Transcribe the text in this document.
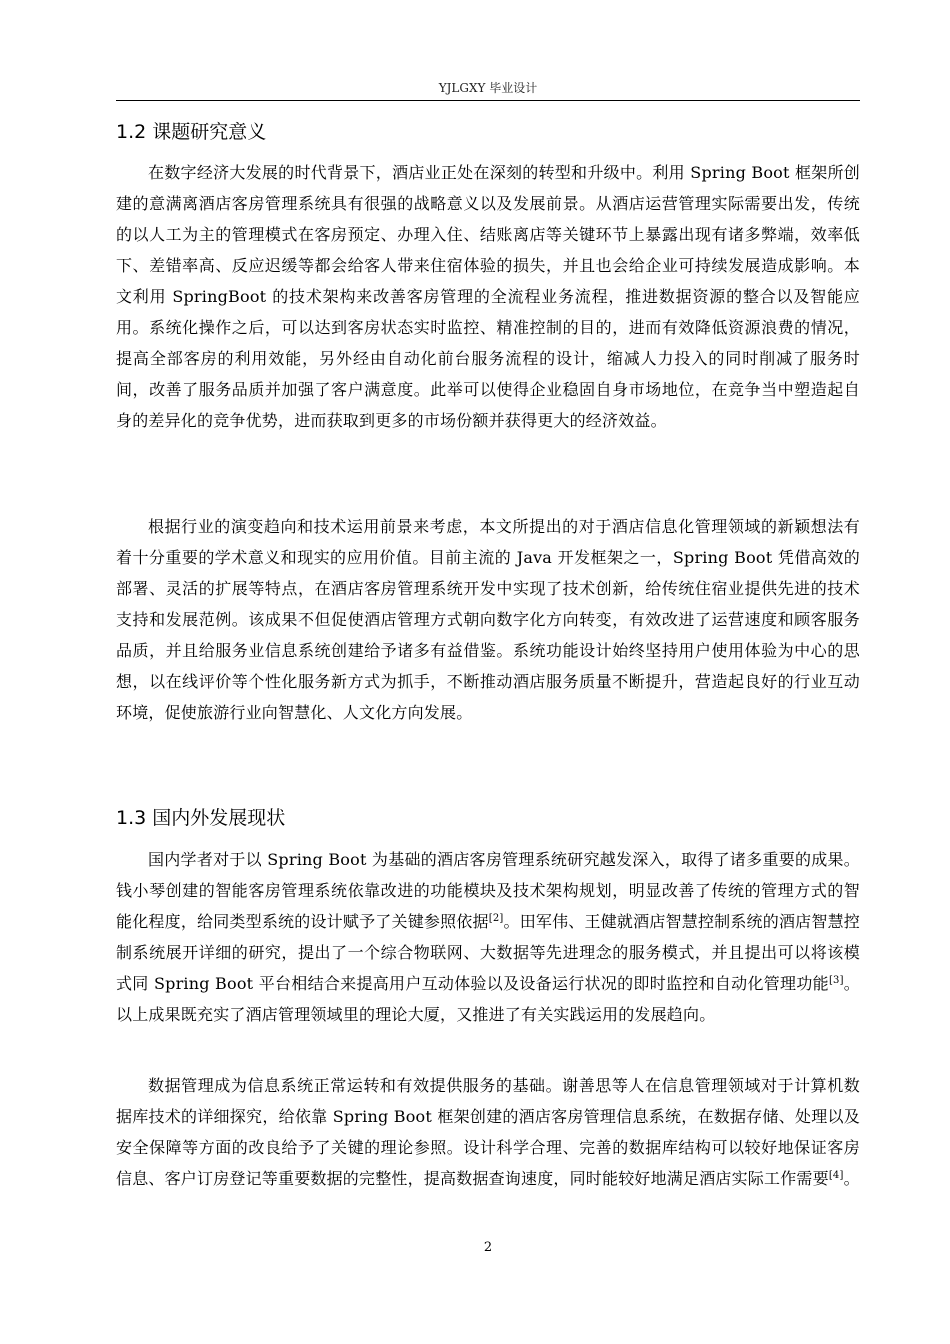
YJLGXY 毕业设计
1.2 课题研究意义

在数字经济大发展的时代背景下，酒店业正处在深刻的转型和升级中。利用 Spring Boot 框架所创建的意满离酒店客房管理系统具有很强的战略意义以及发展前景。从酒店运营管理实际需要出发，传统的以人工为主的管理模式在客房预定、办理入住、结账离店等关键环节上暴露出现有诸多弊端，效率低下、差错率高、反应迟缓等都会给客人带来住宿体验的损失，并且也会给企业可持续发展造成影响。本文利用 SpringBoot 的技术架构来改善客房管理的全流程业务流程，推进数据资源的整合以及智能应用。系统化操作之后，可以达到客房状态实时监控、精准控制的目的，进而有效降低资源浪费的情况，提高全部客房的利用效能，另外经由自动化前台服务流程的设计，缩减人力投入的同时削减了服务时间，改善了服务品质并加强了客户满意度。此举可以使得企业稳固自身市场地位，在竞争当中塑造起自身的差异化的竞争优势，进而获取到更多的市场份额并获得更大的经济效益。

根据行业的演变趋向和技术运用前景来考虑，本文所提出的对于酒店信息化管理领域的新颖想法有着十分重要的学术意义和现实的应用价值。目前主流的 Java 开发框架之一，Spring Boot 凭借高效的部署、灵活的扩展等特点，在酒店客房管理系统开发中实现了技术创新，给传统住宿业提供先进的技术支持和发展范例。该成果不但促使酒店管理方式朝向数字化方向转变，有效改进了运营速度和顾客服务品质，并且给服务业信息系统创建给予诸多有益借鉴。系统功能设计始终坚持用户使用体验为中心的思想，以在线评价等个性化服务新方式为抓手，不断推动酒店服务质量不断提升，营造起良好的行业互动环境，促使旅游行业向智慧化、人文化方向发展。

1.3 国内外发展现状

国内学者对于以 Spring Boot 为基础的酒店客房管理系统研究越发深入，取得了诸多重要的成果。钱小琴创建的智能客房管理系统依靠改进的功能模块及技术架构规划，明显改善了传统的管理方式的智能化程度，给同类型系统的设计赋予了关键参照依据[2]。田军伟、王健就酒店智慧控制系统的酒店智慧控制系统展开详细的研究，提出了一个综合物联网、大数据等先进理念的服务模式，并且提出可以将该模式同 Spring Boot 平台相结合来提高用户互动体验以及设备运行状况的即时监控和自动化管理功能[3]。以上成果既充实了酒店管理领域里的理论大厦，又推进了有关实践运用的发展趋向。

数据管理成为信息系统正常运转和有效提供服务的基础。谢善思等人在信息管理领域对于计算机数据库技术的详细探究，给依靠 Spring Boot 框架创建的酒店客房管理信息系统，在数据存储、处理以及安全保障等方面的改良给予了关键的理论参照。设计科学合理、完善的数据库结构可以较好地保证客房信息、客户订房登记等重要数据的完整性，提高数据查询速度，同时能较好地满足酒店实际工作需要[4]。

2
